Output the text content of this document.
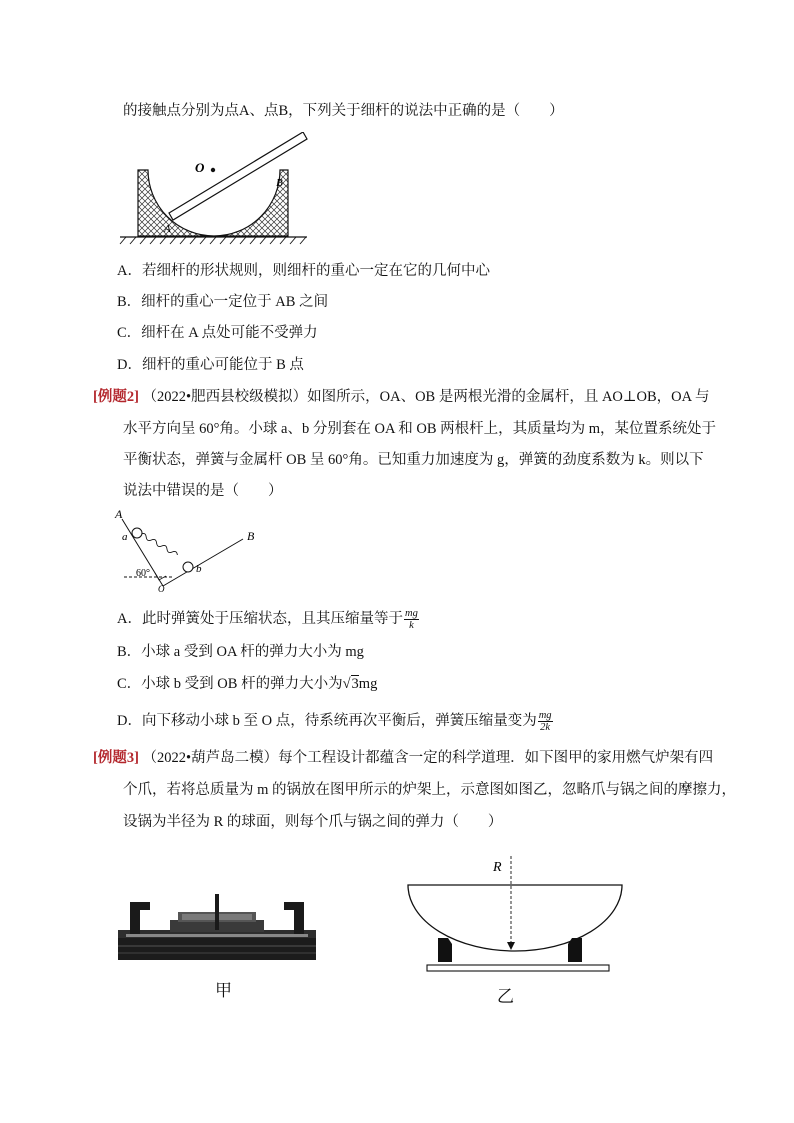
的接触点分别为点A、点B，下列关于细杆的说法中正确的是（　　）
O
A
B
A．若细杆的形状规则，则细杆的重心一定在它的几何中心
B．细杆的重心一定位于 AB 之间
C．细杆在 A 点处可能不受弹力
D．细杆的重心可能位于 B 点
[例题2] （2022•肥西县校级模拟）如图所示，OA、OB 是两根光滑的金属杆，且 AO⊥OB，OA 与
水平方向呈 60°角。小球 a、b 分别套在 OA 和 OB 两根杆上，其质量均为 m，某位置系统处于
平衡状态，弹簧与金属杆 OB 呈 60°角。已知重力加速度为 g，弹簧的劲度系数为 k。则以下
说法中错误的是（　　）
A
a
b
B
60°
O
A．此时弹簧处于压缩状态，且其压缩量等于 $\frac{mg}{k}$
B．小球 a 受到 OA 杆的弹力大小为 mg
C．小球 b 受到 OB 杆的弹力大小为√3mg
D．向下移动小球 b 至 O 点，待系统再次平衡后，弹簧压缩量变为 $\frac{mg}{2k}$
[例题3] （2022•葫芦岛二模）每个工程设计都蕴含一定的科学道理．如下图甲的家用燃气炉架有四
个爪，若将总质量为 m 的锅放在图甲所示的炉架上，示意图如图乙，忽略爪与锅之间的摩擦力，
设锅为半径为 R 的球面，则每个爪与锅之间的弹力（　　）
甲
R
乙
